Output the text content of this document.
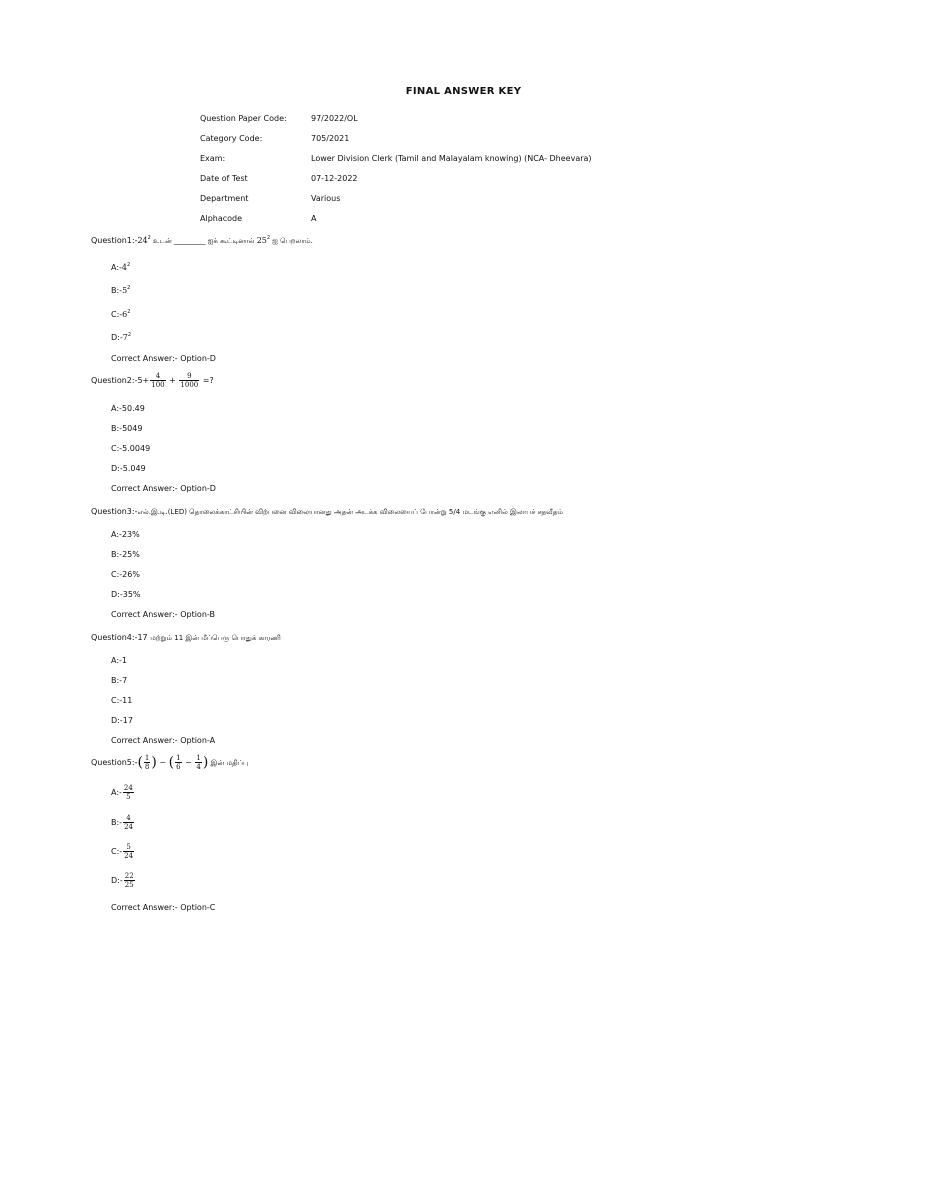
FINAL ANSWER KEY
Question Paper Code:	97/2022/OL
Category Code:	705/2021
Exam:	Lower Division Clerk (Tamil and Malayalam knowing) (NCA- Dheevara)
Date of Test	07-12-2022
Department	Various
Alphacode	A
$Question1:-24^2$ உடன் _________ ஐக் கூட்டினால் $25^2$ ஐ பெறலாம்.
$A:-4^2$
$B:-5^2$
$C:-6^2$
$D:-7^2$
Correct Answer:- Option-D
Question2:-5+ $\frac{4}{100} + \frac{9}{1000}$ =?
A:-50.49
B:-5049
C:-5.0049
D:-5.049
Correct Answer:- Option-D
Question3:-எல்.இ.டி.(LED) தொலைக்காட்சியின் விற்பனை விலையானது அதன் அடக்க விலையைப் போன்று 5/4 மடங்கு எனில் இலாபச் சதவீதம்
A:-23%
B:-25%
C:-26%
D:-35%
Correct Answer:- Option-B
Question4:-17 மற்றும் 11 இன் மீப்பெரு பொதுக் காரணி
A:-1
B:-7
C:-11
D:-17
Correct Answer:- Option-A
Question5:-( $\frac{1}{8}$ ) − ( $\frac{1}{6} - \frac{1}{4}$ ) இன் மதிப்பு
A:- $\frac{24}{5}$
B:- $\frac{4}{24}$
C:- $\frac{5}{24}$
D:- $\frac{22}{25}$
Correct Answer:- Option-C
